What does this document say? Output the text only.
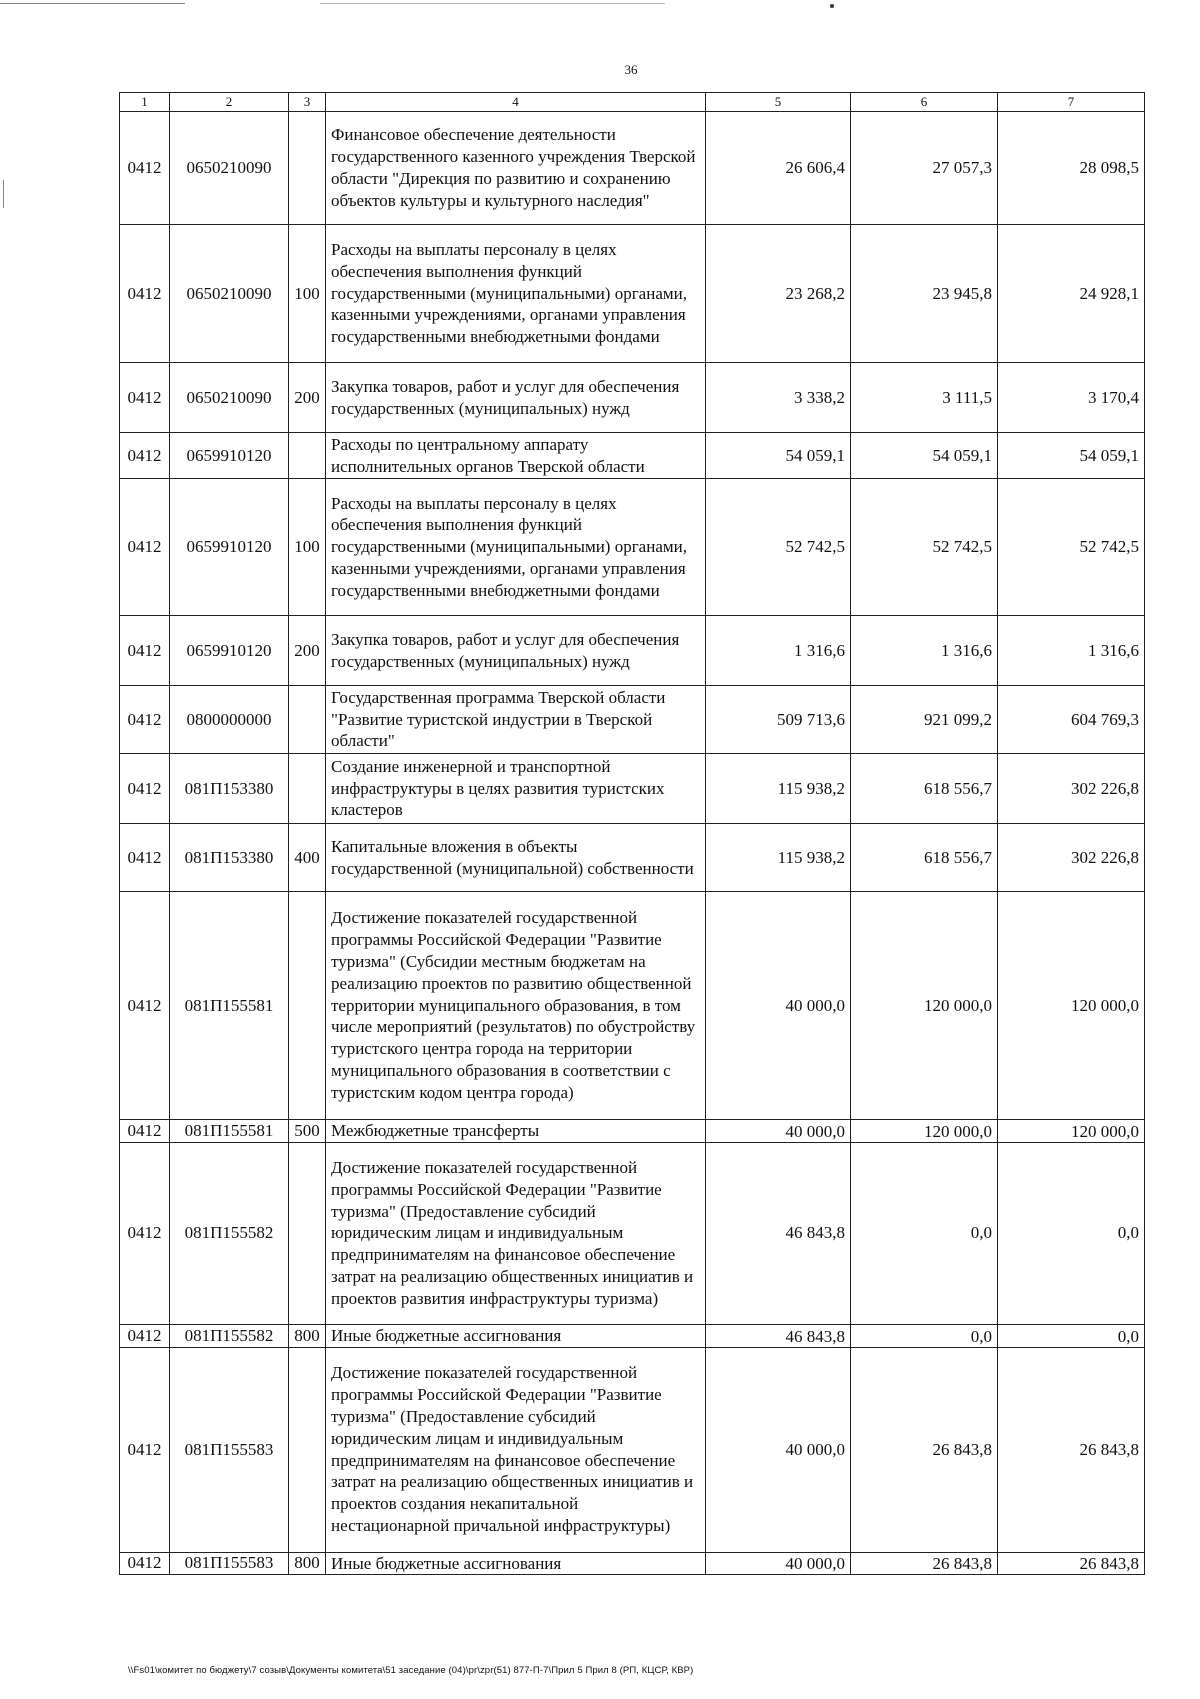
36
1	2	3	4	5	6	7
0412	0650210090		Финансовое обеспечение деятельности государственного казенного учреждения Тверской области "Дирекция по развитию и сохранению объектов культуры и культурного наследия"	26 606,4	27 057,3	28 098,5
0412	0650210090	100	Расходы на выплаты персоналу в целях обеспечения выполнения функций государственными (муниципальными) органами, казенными учреждениями, органами управления государственными внебюджетными фондами	23 268,2	23 945,8	24 928,1
0412	0650210090	200	Закупка товаров, работ и услуг для обеспечения государственных (муниципальных) нужд	3 338,2	3 111,5	3 170,4
0412	0659910120		Расходы по центральному аппарату исполнительных органов Тверской области	54 059,1	54 059,1	54 059,1
0412	0659910120	100	Расходы на выплаты персоналу в целях обеспечения выполнения функций государственными (муниципальными) органами, казенными учреждениями, органами управления государственными внебюджетными фондами	52 742,5	52 742,5	52 742,5
0412	0659910120	200	Закупка товаров, работ и услуг для обеспечения государственных (муниципальных) нужд	1 316,6	1 316,6	1 316,6
0412	0800000000		Государственная программа Тверской области "Развитие туристской индустрии в Тверской области"	509 713,6	921 099,2	604 769,3
0412	081П153380		Создание инженерной и транспортной инфраструктуры в целях развития туристских кластеров	115 938,2	618 556,7	302 226,8
0412	081П153380	400	Капитальные вложения в объекты государственной (муниципальной) собственности	115 938,2	618 556,7	302 226,8
0412	081П155581		Достижение показателей государственной программы Российской Федерации "Развитие туризма" (Субсидии местным бюджетам на реализацию проектов по развитию общественной территории муниципального образования, в том числе мероприятий (результатов) по обустройству туристского центра города на территории муниципального образования в соответствии с туристским кодом центра города)	40 000,0	120 000,0	120 000,0
0412	081П155581	500	Межбюджетные трансферты	40 000,0	120 000,0	120 000,0
0412	081П155582		Достижение показателей государственной программы Российской Федерации "Развитие туризма" (Предоставление субсидий юридическим лицам и индивидуальным предпринимателям на финансовое обеспечение затрат на реализацию общественных инициатив и проектов развития инфраструктуры туризма)	46 843,8	0,0	0,0
0412	081П155582	800	Иные бюджетные ассигнования	46 843,8	0,0	0,0
0412	081П155583		Достижение показателей государственной программы Российской Федерации "Развитие туризма" (Предоставление субсидий юридическим лицам и индивидуальным предпринимателям на финансовое обеспечение затрат на реализацию общественных инициатив и проектов создания некапитальной нестационарной причальной инфраструктуры)	40 000,0	26 843,8	26 843,8
0412	081П155583	800	Иные бюджетные ассигнования	40 000,0	26 843,8	26 843,8
\\Fs01\комитет по бюджету\7 созыв\Документы комитета\51 заседание (04)\pr\zpr(51) 877-П-7\Прил 5 Прил 8 (РП, КЦСР, КВР)
